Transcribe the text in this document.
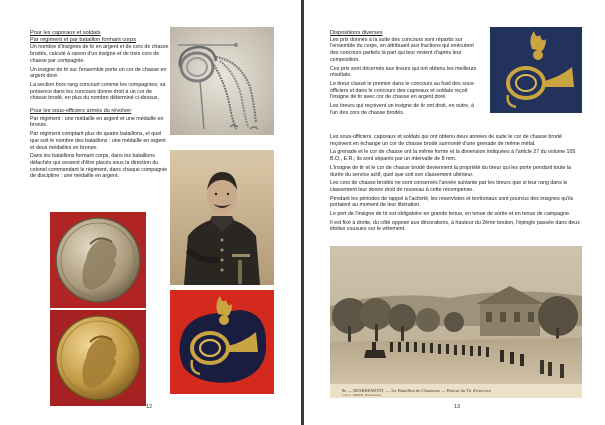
Pour les caporaux et soldats
Par régiment et par bataillon formant corps

Un nombre d'insignes de tir en argent et de cors de chasse brodés, calculé à raison d'un insigne et de trois cors de chasse par compagnie.

Un insigne de tir sur l'ensemble porte un cor de chasse en argent doré.

La section hors rang concourt comme les compagnies; sa présence dans les concours donne droit à un cor de chasse brodé, en plus du nombre déterminé ci-dessus.

Pour les sous-officiers armés du révolver

Par régiment : une médaille en argent et une médaille en bronze.

Par régiment comptant plus de quatre bataillons, et quel que soit le nombre des bataillons : une médaille en argent et deux médailles en bronze.

Dans les bataillons formant corps, dans les bataillons détachés qui cessent d'être placés sous la direction du colonel commandant le régiment, dans chaque compagnie de discipline : une médaille en argent.

12
Dispositions diverses

Les prix donnés à la suite des concours sont répartis sur l'ensemble du corps, en attribuant aux fractions qui exécutent des concours partiels la part qui leur revient d'après leur composition.

Ces prix sont décernés aux tireurs qui ont obtenu les meilleurs résultats.

Le tireur classé le premier dans le concours au fusil des sous-officiers et dans le concours des caporaux et soldats reçoit l'insigne de tir avec cor de chasse en argent doré.

Les tireurs qui reçoivent un insigne de tir ont droit, en outre, à l'un des cors de chasse brodés.

Les sous-officiers, caporaux et soldats qui ont obtenu deux années de suite le cor de chasse brodé reçoivent en échange un cor de chasse brodé surmonté d'une grenade de même métal.

La grenade et le cor de chasse ont la même forme et la dimension indiquées à l'article 27 du volume 105 B.O., E.R.; ils sont séparés par un intervalle de 8 mm.

L'insigne de tir et le cor de chasse brodé deviennent la propriété du tireur qui les porte pendant toute la durée du service actif, quel que soit son classement ultérieur.

Les cors de chasse brodés ne sont conservés l'année suivante par les tireurs que si leur rang dans le classement leur donne droit de nouveau à cette récompense.

Pendant les périodes de rappel à l'activité, les réservistes et territoriaux sont pourvus des insignes qu'ils portaient au moment de leur libération.

Le port de l'insigne de tir est obligatoire en grande tenue, en tenue de sortie et en tenue de campagne.

Il est fixé à droite, du côté opposé aux décorations, à hauteur du 2ème bouton, l'épingle passée dans deux étoiles cousues sur le vêtement.

8e — REMIREMONT — 1er Bataillon de Chasseurs — Retour du Tir d'exercice
Coll. L. DIDIER, Remiremont
13
